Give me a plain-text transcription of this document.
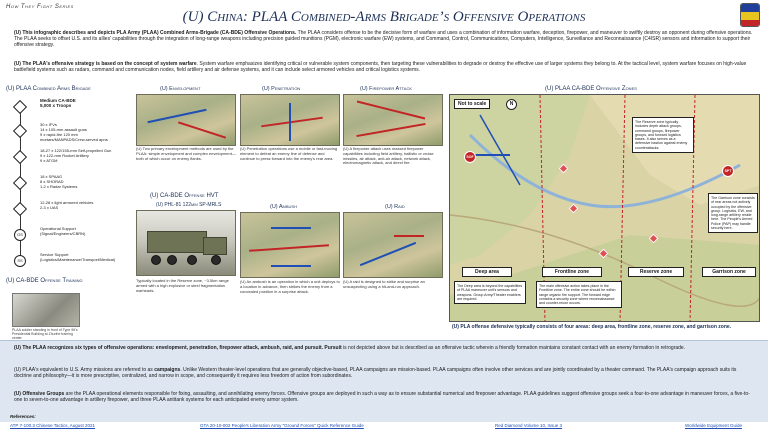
How They Fight Series
(U) China: PLAA Combined-Arms Brigade’s Offensive Operations
(U) This infographic describes and depicts PLA Army (PLAA) Combined Arms-Brigade (CA-BDE) Offensive Operations. The PLAA considers offense to be the decisive form of warfare and uses a combination of information warfare, deception, firepower, and maneuver to swiftly destroy an opponent during offensive operations. The PLAA seeks to offset U.S. and its allies' capabilities through the integration of long-range weapons including precision guided munitions (PGM), electronic warfare (EW) systems, and Command, Control, Communications, Computers, Intelligence, Surveillance and Reconnaissance (C4ISR) sensors and information to support their offensive strategy.
(U) The PLAA's offensive strategy is based on the concept of system warfare. System warfare emphasizes identifying critical or vulnerable system components, then targeting these vulnerabilities to degrade or destroy the effective use of larger systems they belong to. At the tactical level, system warfare focuses on high-value battlefield systems such as radars, command and communication nodes, field artillery and air defense systems, and it can include select armored vehicles and critical logistics systems.
(U) PLAA Combined Arms Brigade
Medium CA-BDE
5,000 x Troops
30 x IFVs
14 x 105-mm assault guns
9 x rapid-fire 120 mm
mortars/MANPADS/Crew-served apns
18-27 x 122/155-mm Self-propelled Gun
9 x 122-mm Rocket Artillery
9 x ATGM
18 x SPAAG
8 x SHORAD
1-2 x Radar Systems
12-28 x light armored vehicles
2-3 x UAS
OS
Operational Support
(Signal/Engineers/CBRN)
SS
Service Support
(Logistics/Maintenance/Transport/Medical)
(U) CA-BDE Offense Training
PLAA soldier standing in front of Type 96's Presidential Building at Zhurihe training center.
(U) Envelopment
(U) Two primary envelopment methods are used by the PLAA: simple envelopment and complex envelopment—both of which occur on enemy flanks.
(U) Penetration
(U) Penetration operations use a mobile or fast-moving element to defeat an enemy line of defense and continue to press forward into the enemy's rear area.
(U) Firepower Attack
(U) A firepower attack uses massed firepower capabilities including field artillery, ballistic or cruise missiles, air attack, anti-air attack, network attack, electromagnetic attack, and direct fire.
(U) CA-BDE Offense HVT
(U) PHL-81 122mm SP-MRLS
Typically located in the Reserve zone, ~3.5km range armed with a high explosive or steel fragmentation warheads.
(U) Ambush
(U) An ambush is an operation in which a unit deploys to a location in advance, then strikes the enemy from a concealed position in a surprise attack.
(U) Raid
(U) A raid is designed to strike and surprise an unsuspecting using a hit-and-run approach.
(U) PLAA CA-BDE Offensive Zones
Not to scale	N
SOF
SPT
The Reserve zone typically includes depth attack groups, command groups, firepower groups, and forward logistics bases. It also serves as a defensive bastion against enemy counterattacks.
The Garrison zone consists of rear areas not actively occupied by the offensive group. Logistics, EW, and long-range artillery reside here. The People's Armed Police (PAP) may handle security here.
Deep area	Frontline zone	Reserve zone	Garrison zone
The Deep area is beyond the capabilities of PLAA maneuver unit's sensors and weapons. Group Army/Theater enablers are required.
The main offensive action takes place in the Frontline zone. The entire zone should be within range organic fire support. The forward edge contains a security zone where reconnaissance and counter-recon occurs.
(U) PLA offense defensive typically consists of four areas: deep area, frontline zone, reserve zone, and garrison zone.
(U) The PLAA recognizes six types of offensive operations: envelopment, penetration, firepower attack, ambush, raid, and pursuit. Pursuit is not depicted above but is described as an offensive tactic wherein a friendly formation maintains constant contact with an enemy formation in retrograde.
(U) PLAA's equivalent to U.S. Army missions are referred to as campaigns. Unlike Western theater-level operations that are generally objective-based, PLAA campaigns are mission-based. PLAA campaigns often involve other services and are jointly coordinated by a theater command. The PLAA's campaign approach suits its doctrine and philosophy—it is more prescriptive, centralized, and narrow in scope, and consequently it requires less freedom of action from subordinates.
(U) Offensive Groups are the PLAA operational elements responsible for fixing, assaulting, and annihilating enemy forces. Offensive groups are deployed in such a way as to ensure substantial numerical and firepower advantage. PLAA guidelines suggest offensive groups seek a four-to-one advantage in maneuver forces, a five-to-one to seven-to-one advantage in artillery firepower, and three PLAA antitank systems for each anticipated enemy armor system.
References:
ATP 7-100.3 Chinese Tactics, August 2021	GTA 20-10-002 People's Liberation Army "Ground Forces" Quick Reference Guide	Red Diamond Volume 10, Issue 3	Worldwide Equipment Guide
